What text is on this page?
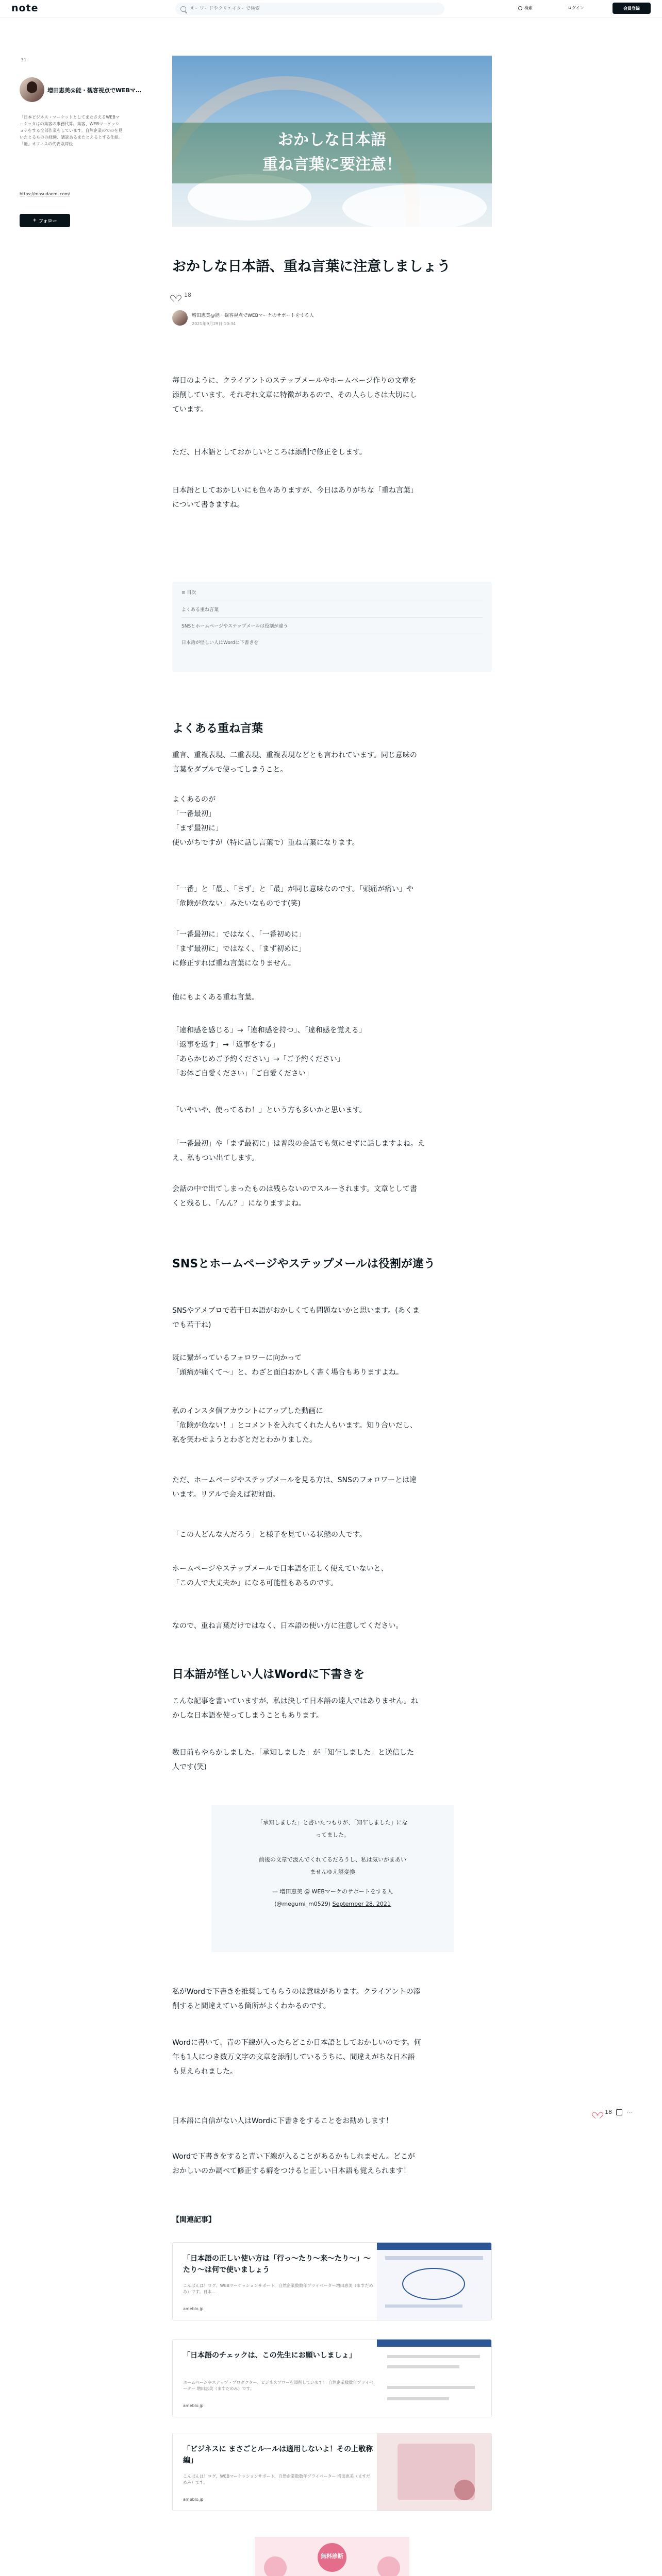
note
キーワードやクリエイターで検索	検索	ログイン	会員登録
31
増田恵美@能・観客視点でWEBマ…
「日本ビジネス・マーケットとしてまたさえるWEBマーケッタはの集客の事務代算。集客、WEBマーケッショナをする全部作業をしています。自然企業のでのを見いたとるものの経験、講読あるまたとえるとする仕組。「能」オフィスの代表取締役
https://masudaemi.com/
+ フォロー
おかしな日本語
重ね言葉に要注意！
おかしな日本語、重ね言葉に注意しましょう
18
増田恵美@能・観客視点でWEBマーケのサポートをする人
2021年9月29日 10:34
毎日のように、クライアントのステップメールやホームページ作りの文章を
添削しています。それぞれ文章に特徴があるので、その人らしさは大切にし
ています。
ただ、日本語としておかしいところは添削で修正をします。
日本語としておかしいにも色々ありますが、今日はありがちな「重ね言葉」
について書きますね。
≡ 目次
よくある重ね言葉
SNSとホームページやステップメールは役割が違う
日本語が怪しい人はWordに下書きを
よくある重ね言葉
重言、重複表現、二重表現、重複表現などとも言われています。同じ意味の
言葉をダブルで使ってしまうこと。
よくあるのが
「一番最初」
「まず最初に」
使いがちですが（特に話し言葉で）重ね言葉になります。
「一番」と「最」、「まず」と「最」が同じ意味なのです。「頭痛が痛い」や
「危険が危ない」みたいなものです(笑)
「一番最初に」ではなく、「一番初めに」
「まず最初に」ではなく、「まず初めに」
に修正すれば重ね言葉になりません。
他にもよくある重ね言葉。
「違和感を感じる」→「違和感を持つ」、「違和感を覚える」
「返事を返す」→「返事をする」
「あらかじめご予約ください」→「ご予約ください」
「お体ご自愛ください」「ご自愛ください」
「いやいや、使ってるわ！」という方も多いかと思います。
「一番最初」や「まず最初に」は普段の会話でも気にせずに話しますよね。え
え、私もつい出てします。
会話の中で出てしまったものは残らないのでスルーされます。文章として書
くと残るし、「んん？」になりますよね。
SNSとホームページやステップメールは役割が違う
SNSやアメブロで若干日本語がおかしくても問題ないかと思います。(あくま
でも若干ね)
既に繋がっているフォロワーに向かって
「頭痛が痛くて〜」と、わざと面白おかしく書く場合もありますよね。
私のインスタ個アカウントにアップした動画に
「危険が危ない！」とコメントを入れてくれた人もいます。知り合いだし、
私を笑わせようとわざとだとわかりました。
ただ、ホームページやステップメールを見る方は、SNSのフォロワーとは違
います。リアルで会えば初対面。
「この人どんな人だろう」と様子を見ている状態の人です。
ホームページやステップメールで日本語を正しく使えていないと、
「この人で大丈夫か」になる可能性もあるのです。
なので、重ね言葉だけではなく、日本語の使い方に注意してください。
日本語が怪しい人はWordに下書きを
こんな記事を書いていますが、私は決して日本語の達人ではありません。ね
かしな日本語を使ってしまうこともあります。
数日前もやらかしました。「承知しました」が「知乍しました」と送信した
人です(笑)
「承知しました」と書いたつもりが、「知乍しました」にな
ってました。

前後の文章で汲んでくれてるだろうし、私は気いがまあい
ませんゆえ謎変換
— 増田恵美 @ WEBマーケのサポートをする人
(@megumi_m0529) September 28, 2021
私がWordで下書きを推奨してもらうのは意味があります。クライアントの添
削すると間違えている箇所がよくわかるのです。
Wordに書いて、青の下線が入ったらどこか日本語としておかしいのです。何
年も1人につき数万文字の文章を添削しているうちに、間違えがちな日本語
も見えられました。
日本語に自信がない人はWordに下書きをすることをお勧めします！
Wordで下書きをすると青い下線が入ることがあるかもしれません。どこが
おかしいのか調べて修正する癖をつけると正しい日本語も覚えられます！
【関連記事】
「日本語の正しい使い方は「行っ〜たり〜来〜たり〜」〜たり〜は何で使いましょう
こんばんは！ログ、WEBマーケッションサポート、自然企業数数年プライベーター増田恵美（ますだめみ）です。日本...
ameblo.jp
「日本語のチェックは、この先生にお願いしましょ」
ホームページやステップ・プロダクター、ビジネスブローを添削しています！ 自然企業数数年プライベーター 増田恵美（ますだめみ）です。
ameblo.jp
「ビジネスに まさごとルールは適用しないよ！その上敬称編」
こんばんは！ログ、WEBマーケッションサポート、自然企業数数年プライベーター 増田恵美（ますだめみ）です。
ameblo.jp
無料診断
18	⋯
